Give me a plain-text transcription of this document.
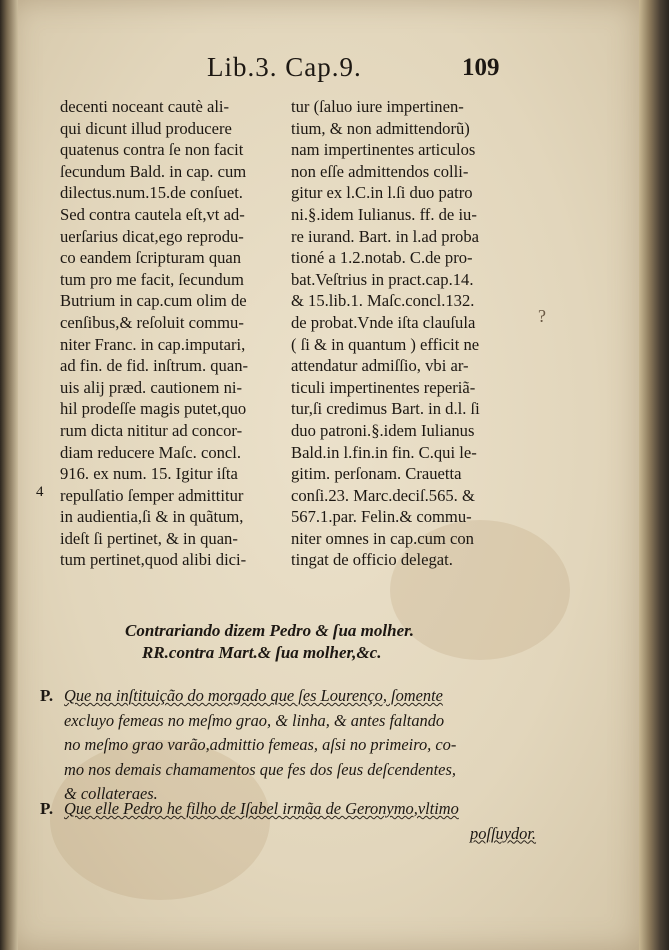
Lib.3. Cap.9.	109
decenti noceant cautè ali-
qui dicunt illud producere
quatenus contra ſe non facit
ſecundum Bald. in cap. cum
dilectus.num.15.de conſuet.
Sed contra cautela eſt,vt ad-
uerſarius dicat,ego reprodu-
co eandem ſcripturam quan
tum pro me facit, ſecundum
Butrium in cap.cum olim de
cenſibus,& reſoluit commu-
niter Franc. in cap.imputari,
ad fin. de fid. inſtrum. quan-
uis alij præd. cautionem ni-
hil prodeſſe magis putet,quo
rum dicta nititur ad concor-
diam reducere Maſc. concl.
916. ex num. 15. Igitur iſta
repulſatio ſemper admittitur
in audientia,ſi & in quãtum,
ideſt ſi pertinet, & in quan-
tum pertinet,quod alibi dici-
tur (ſaluo iure impertinen-
tium, & non admittendorũ)
nam impertinentes articulos
non eſſe admittendos colli-
gitur ex l.C.in l.ſi duo patro
ni.§.idem Iulianus. ff. de iu-
re iurand. Bart. in l.ad proba
tioné a 1.2.notab. C.de pro-
bat.Veſtrius in pract.cap.14.
& 15.lib.1. Maſc.concl.132.
de probat.Vnde iſta clauſula
( ſi & in quantum ) efficit ne
attendatur admiſſio, vbi ar-
ticuli impertinentes reperiã-
tur,ſi credimus Bart. in d.l. ſi
duo patroni.§.idem Iulianus
Bald.in l.fin.in fin. C.qui le-
gitim. perſonam. Crauetta
conſi.23. Marc.deciſ.565. &
567.1.par. Felin.& commu-
niter omnes in cap.cum con
tingat de officio delegat.
4
?
Contrariando dizem Pedro & ſua molher.
RR.contra Mart.& ſua molher,&c.
P. Que na inſtituição do morgado que ſes Lourenço, ſomente
excluyo femeas no meſmo grao, & linha, & antes faltando
no meſmo grao varão,admittio femeas, aſsi no primeiro, co-
mo nos demais chamamentos que fes dos ſeus deſcendentes,
& collateraes.
P. Que elle Pedro he filho de Iſabel irmãa de Geronymo,vltimo
poſſuydor.
